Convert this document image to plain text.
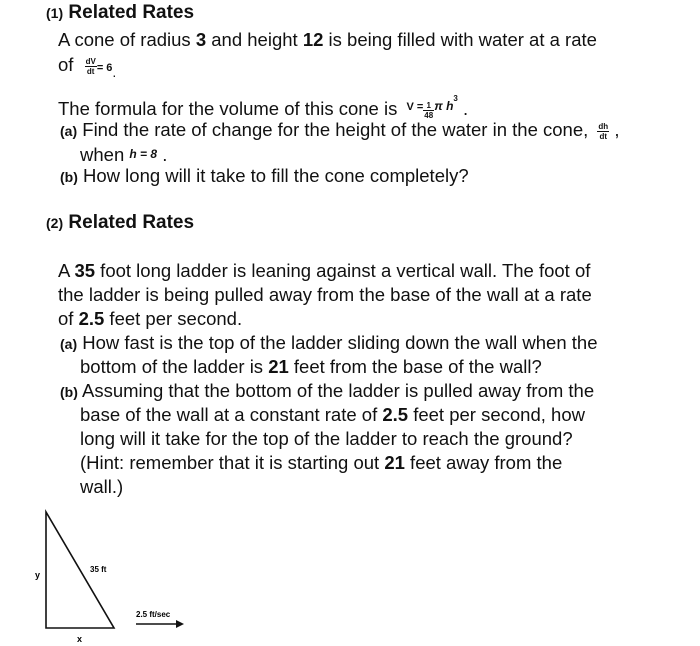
(1) Related Rates
A cone of radius 3 and height 12 is being filled with water at a rate
of $\frac{dV}{dt} = 6_.$
The formula for the volume of this cone is $^{V =} \frac{1}{48} ^{\pi h3}$ .
(a) Find the rate of change for the height of the water in the cone, $\frac{dh}{dt}$ ,
when h = 8 .
(b) How long will it take to fill the cone completely?
(2) Related Rates
A 35 foot long ladder is leaning against a vertical wall. The foot of
the ladder is being pulled away from the base of the wall at a rate
of 2.5 feet per second.
(a) How fast is the top of the ladder sliding down the wall when the
bottom of the ladder is 21 feet from the base of the wall?
(b) Assuming that the bottom of the ladder is pulled away from the
base of the wall at a constant rate of 2.5 feet per second, how
long will it take for the top of the ladder to reach the ground?
(Hint: remember that it is starting out 21 feet away from the
wall.)
35 ft
y
x
2.5 ft/sec
